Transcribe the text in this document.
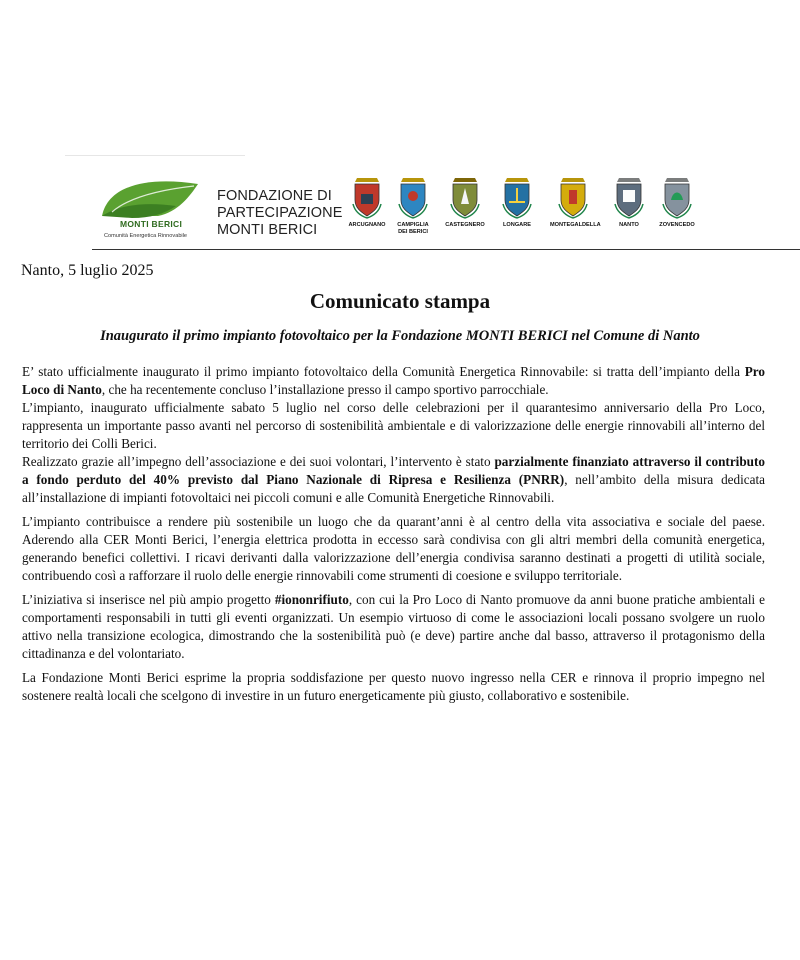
MONTI BERICI
Comunità Energetica Rinnovabile
FONDAZIONE DI
PARTECIPAZIONE
MONTI BERICI	ARCUGNANO	CAMPIGLIA
DEI BERICI
CASTEGNERO	LONGARE	MONTEGALDELLA	NANTO	ZOVENCEDO
Nanto, 5 luglio 2025
Comunicato stampa
Inaugurato il primo impianto fotovoltaico per la Fondazione MONTI BERICI nel Comune di Nanto

E’ stato ufficialmente inaugurato il primo impianto fotovoltaico della Comunità Energetica Rinnovabile: si tratta dell’impianto della Pro Loco di Nanto, che ha recentemente concluso l’installazione presso il campo sportivo parrocchiale.

L’impianto, inaugurato ufficialmente sabato 5 luglio nel corso delle celebrazioni per il quarantesimo anniversario della Pro Loco, rappresenta un importante passo avanti nel percorso di sostenibilità ambientale e di valorizzazione delle energie rinnovabili all’interno del territorio dei Colli Berici.

Realizzato grazie all’impegno dell’associazione e dei suoi volontari, l’intervento è stato parzialmente finanziato attraverso il contributo a fondo perduto del 40% previsto dal Piano Nazionale di Ripresa e Resilienza (PNRR), nell’ambito della misura dedicata all’installazione di impianti fotovoltaici nei piccoli comuni e alle Comunità Energetiche Rinnovabili.

L’impianto contribuisce a rendere più sostenibile un luogo che da quarant’anni è al centro della vita associativa e sociale del paese. Aderendo alla CER Monti Berici, l’energia elettrica prodotta in eccesso sarà condivisa con gli altri membri della comunità energetica, generando benefici collettivi. I ricavi derivanti dalla valorizzazione dell’energia condivisa saranno destinati a progetti di utilità sociale, contribuendo così a rafforzare il ruolo delle energie rinnovabili come strumenti di coesione e sviluppo territoriale.

L’iniziativa si inserisce nel più ampio progetto #iononrifiuto, con cui la Pro Loco di Nanto promuove da anni buone pratiche ambientali e comportamenti responsabili in tutti gli eventi organizzati. Un esempio virtuoso di come le associazioni locali possano svolgere un ruolo attivo nella transizione ecologica, dimostrando che la sostenibilità può (e deve) partire anche dal basso, attraverso il protagonismo della cittadinanza e del volontariato.

La Fondazione Monti Berici esprime la propria soddisfazione per questo nuovo ingresso nella CER e rinnova il proprio impegno nel sostenere realtà locali che scelgono di investire in un futuro energeticamente più giusto, collaborativo e sostenibile.
